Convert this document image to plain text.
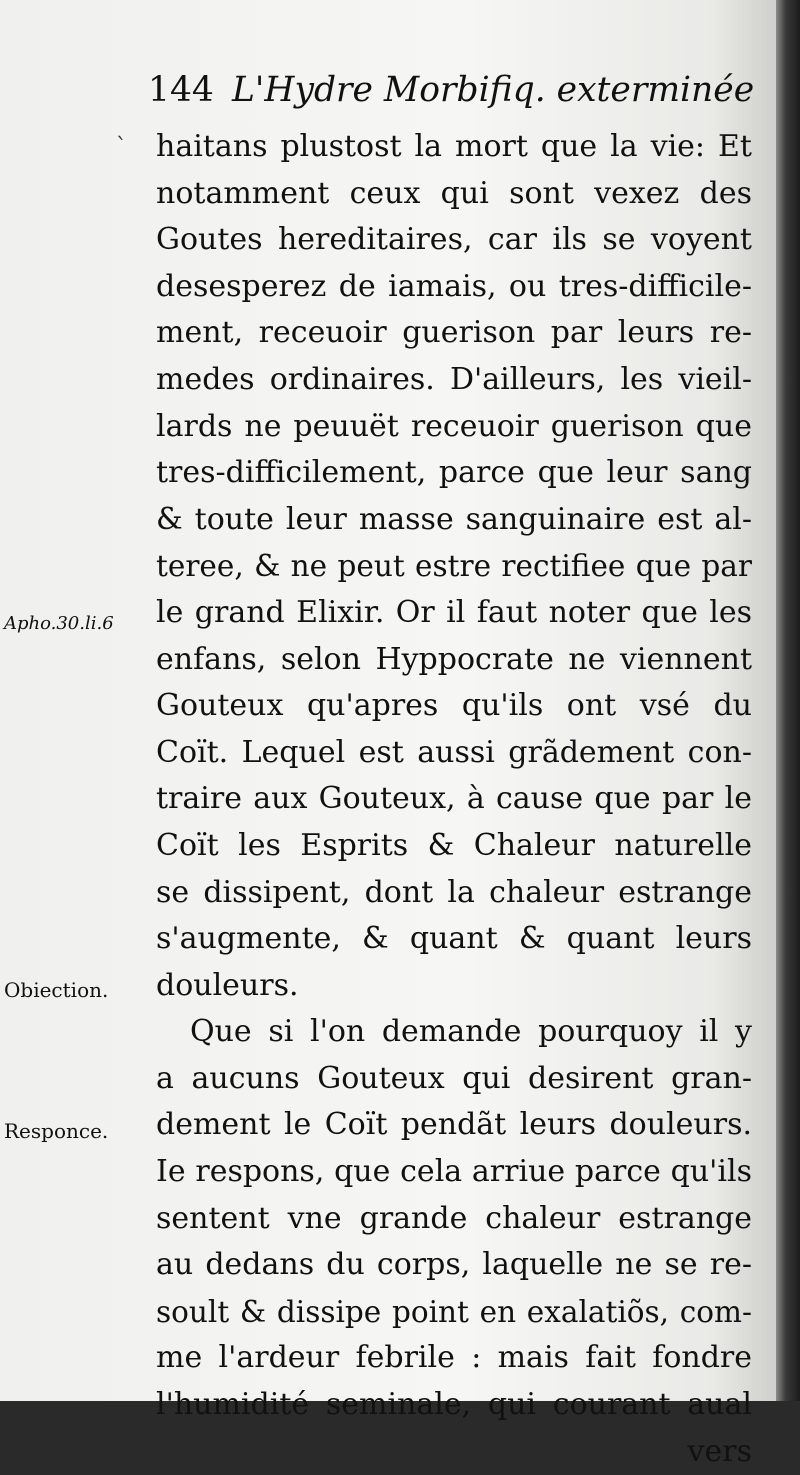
144 L'Hydre Morbifiq. exterminée
`
Apho.30.li.6
Obiection.
Responce.
haitans plustost la mort que la vie: Et
notamment ceux qui sont vexez des
Goutes hereditaires, car ils se voyent
desesperez de iamais, ou tres-difficile-
ment, receuoir guerison par leurs re-
medes ordinaires. D'ailleurs, les vieil-
lards ne peuuët receuoir guerison que
tres-difficilement, parce que leur sang
& toute leur masse sanguinaire est al-
teree, & ne peut estre rectifiee que par
le grand Elixir. Or il faut noter que les
enfans, selon Hyppocrate ne viennent
Gouteux qu'apres qu'ils ont vsé du
Coït. Lequel est aussi grãdement con-
traire aux Gouteux, à cause que par le
Coït les Esprits & Chaleur naturelle
se dissipent, dont la chaleur estrange
s'augmente, & quant & quant leurs
douleurs.
Que si l'on demande pourquoy il y
a aucuns Gouteux qui desirent gran-
dement le Coït pendãt leurs douleurs.
Ie respons, que cela arriue parce qu'ils
sentent vne grande chaleur estrange
au dedans du corps, laquelle ne se re-
soult & dissipe point en exalatiõs, com-
me l'ardeur febrile : mais fait fondre
l'humidité seminale, qui courant aual
vers
